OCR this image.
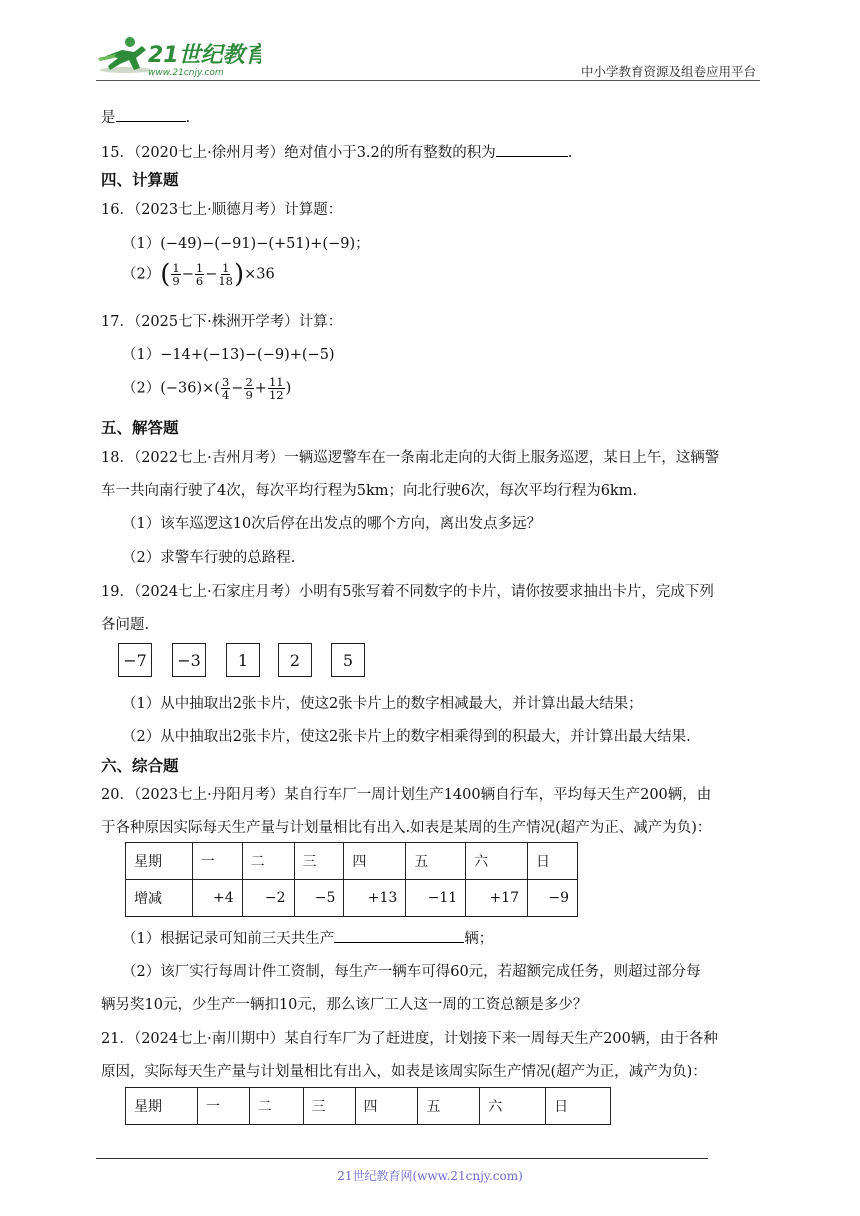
21世纪教育
www.21cnjy.com	中小学教育资源及组卷应用平台
是	.
15．（2020七上·徐州月考）绝对值小于3.2的所有整数的积为	.
四、计算题
16．（2023七上·顺德月考）计算题：
（1）(−49)−(−91)−(+51)+(−9)；
$(2)( \frac{1}{9} - \frac{1}{6} - \frac{1}{18} )\times 36$
17．（2025七下·株洲开学考）计算：
（1）−14+(−13)−(−9)+(−5)
$(2)(-36)\times( \frac{3}{4} - \frac{2}{9} + \frac{11}{12}$ )
五、解答题
18．（2022七上·吉州月考）一辆巡逻警车在一条南北走向的大街上服务巡逻，某日上午，这辆警
车一共向南行驶了4次，每次平均行程为5km；向北行驶6次，每次平均行程为6km.
（1）该车巡逻这10次后停在出发点的哪个方向，离出发点多远？
（2）求警车行驶的总路程.
19．（2024七上·石家庄月考）小明有5张写着不同数字的卡片，请你按要求抽出卡片，完成下列
各问题.
−7	−3	1	2	5
（1）从中抽取出2张卡片，使这2张卡片上的数字相减最大，并计算出最大结果；
（2）从中抽取出2张卡片，使这2张卡片上的数字相乘得到的积最大，并计算出最大结果.
六、综合题
20．（2023七上·丹阳月考）某自行车厂一周计划生产1400辆自行车，平均每天生产200辆，由
于各种原因实际每天生产量与计划量相比有出入.如表是某周的生产情况(超产为正、减产为负)：
星期	一	二	三	四	五	六	日
增减	+4	−2	−5	+13	−11	+17	−9
（1）根据记录可知前三天共生产	辆；
（2）该厂实行每周计件工资制，每生产一辆车可得60元，若超额完成任务，则超过部分每
辆另奖10元，少生产一辆扣10元，那么该厂工人这一周的工资总额是多少？
21．（2024七上·南川期中）某自行车厂为了赶进度，计划接下来一周每天生产200辆，由于各种
原因，实际每天生产量与计划量相比有出入，如表是该周实际生产情况(超产为正，减产为负)：
星期	一	二	三	四	五	六	日
21世纪教育网(www.21cnjy.com)
